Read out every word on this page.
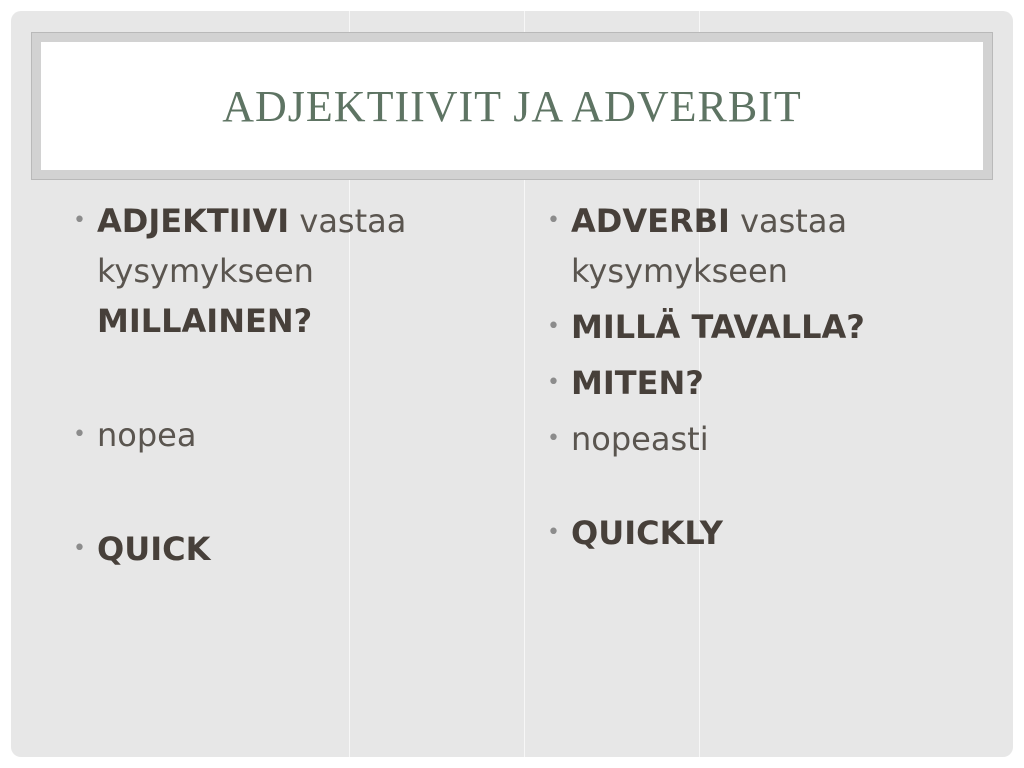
ADJEKTIIVIT JA ADVERBIT

• ADJEKTIIVI vastaa kysymykseen MILLAINEN?

• nopea

• QUICK

• ADVERBI vastaa kysymykseen

• MILLÄ TAVALLA?

• MITEN?

• nopeasti

• QUICKLY
